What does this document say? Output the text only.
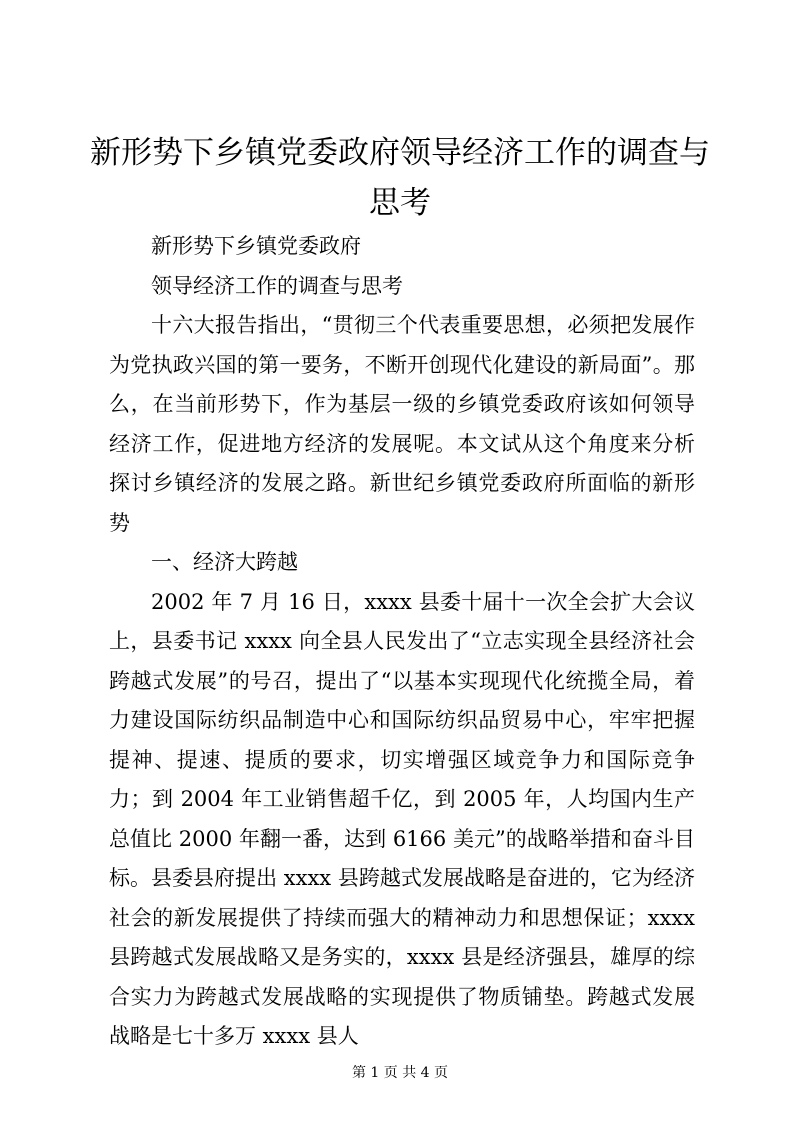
新形势下乡镇党委政府领导经济工作的调查与思考

新形势下乡镇党委政府

领导经济工作的调查与思考

十六大报告指出，“贯彻三个代表重要思想，必须把发展作为党执政兴国的第一要务，不断开创现代化建设的新局面”。那么，在当前形势下，作为基层一级的乡镇党委政府该如何领导经济工作，促进地方经济的发展呢。本文试从这个角度来分析探讨乡镇经济的发展之路。新世纪乡镇党委政府所面临的新形势

一、经济大跨越

2002 年 7 月 16 日，xxxx 县委十届十一次全会扩大会议上，县委书记 xxxx 向全县人民发出了“立志实现全县经济社会跨越式发展”的号召，提出了“以基本实现现代化统揽全局，着力建设国际纺织品制造中心和国际纺织品贸易中心，牢牢把握提神、提速、提质的要求，切实增强区域竞争力和国际竞争力；到 2004 年工业销售超千亿，到 2005 年，人均国内生产总值比 2000 年翻一番，达到 6166 美元”的战略举措和奋斗目标。县委县府提出 xxxx 县跨越式发展战略是奋进的，它为经济社会的新发展提供了持续而强大的精神动力和思想保证；xxxx 县跨越式发展战略又是务实的，xxxx 县是经济强县，雄厚的综合实力为跨越式发展战略的实现提供了物质铺垫。跨越式发展战略是七十多万 xxxx 县人

第 1 页 共 4 页
